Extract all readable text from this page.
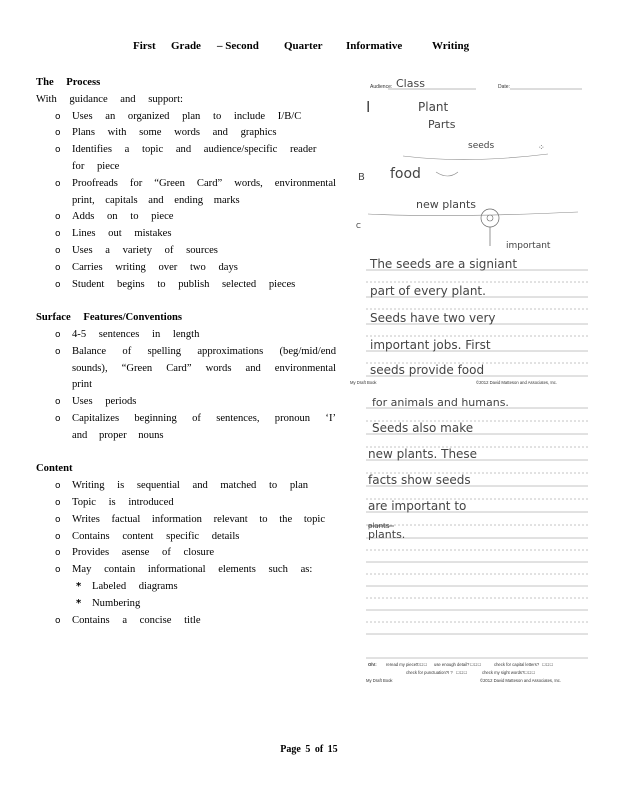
First Grade – Second Quarter Informative	Writing
The Process
With guidance and support:
o Uses an organized plan to include I/B/C
o Plans with some words and graphics
o Identifies a topic and audience/specific reader for piece
o Proofreads for “Green Card” words, environmental print, capitals and ending marks
o Adds on to piece
o Lines out mistakes
o Uses a variety of sources
o Carries writing over two days
o Student begins to publish selected pieces
Surface Features/Conventions
o 4-5 sentences in length
o Balance of spelling approximations (beg/mid/end sounds), “Green Card” words and environmental print
o Uses periods
o Capitalizes beginning of sentences, pronoun ‘I’ and proper nouns
Content
o Writing is sequential and matched to plan
o Topic is introduced
o Writes factual information relevant to the topic
o Contains content specific details
o Provides asense of closure
o May contain informational elements such as:
* Labeled diagrams
* Numbering
o Contains a concise title
Audience: Class	Date:
I	Plant
Parts
seeds	⁘
B food
new plants
C
important
The seeds are a signiant
part of every plant.
Seeds have two very
important jobs. First
seeds provide food
My Draft Book	©2012 David Matteson and Associates, Inc.
for animals and humans.
Seeds also make
new plants. These
facts show seeds
are important to
plants
plants.
Oh!: reread my piece?
☐☐☐ use enough detail? ☐☐☐	check for capital letters? ☐☐☐
check for punctuation? I ? ☐☐☐	check my sight words? ☐☐☐
My Draft Book	©2012 David Matteson and Associates, Inc.
Page 5 of 15
